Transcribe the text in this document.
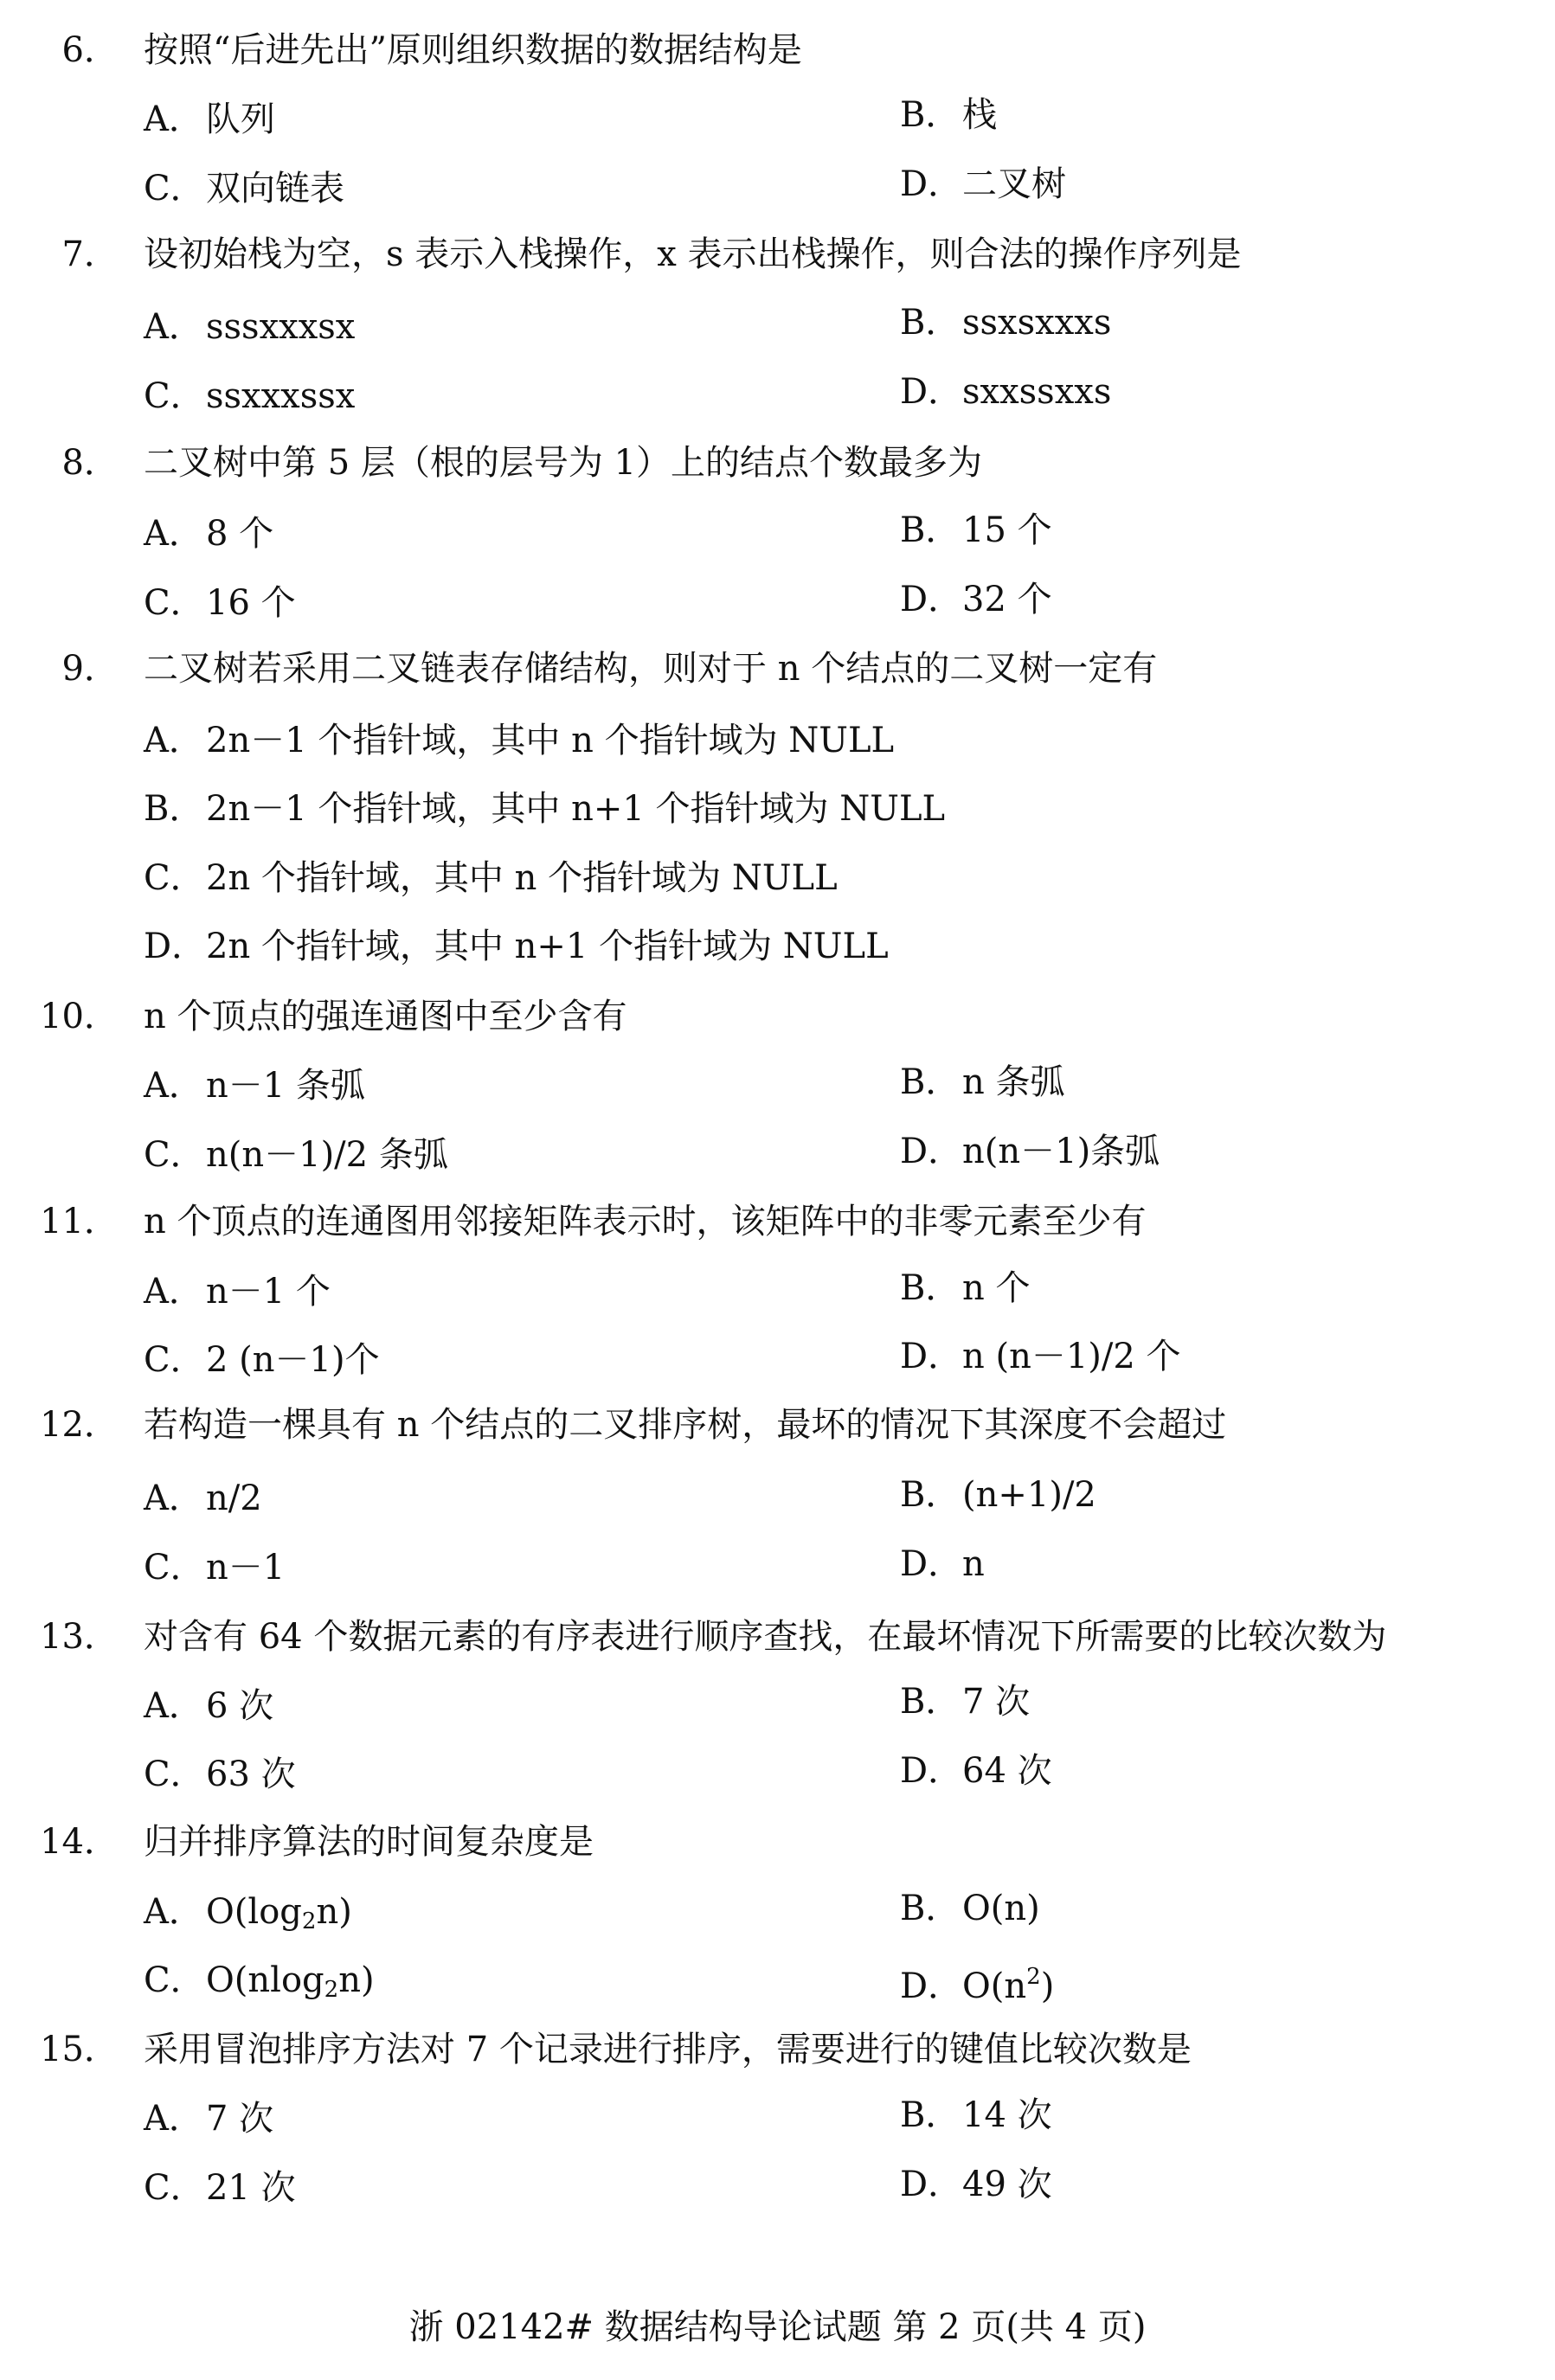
6． 按照“后进先出”原则组织数据的数据结构是
A．队列	B．栈
C．双向链表	D．二叉树
7． 设初始栈为空，s 表示入栈操作，x 表示出栈操作，则合法的操作序列是
A．sssxxxsx	B．ssxsxxxs
C．ssxxxssx	D．sxxssxxs
8． 二叉树中第 5 层（根的层号为 1）上的结点个数最多为
A．8 个	B．15 个
C．16 个	D．32 个
9． 二叉树若采用二叉链表存储结构，则对于 n 个结点的二叉树一定有
A．2n－1 个指针域，其中 n 个指针域为 NULL
B．2n－1 个指针域，其中 n+1 个指针域为 NULL
C．2n 个指针域，其中 n 个指针域为 NULL
D．2n 个指针域，其中 n+1 个指针域为 NULL
10． n 个顶点的强连通图中至少含有
A．n－1 条弧	B．n 条弧
C．n(n－1)/2 条弧	D．n(n－1)条弧
11． n 个顶点的连通图用邻接矩阵表示时，该矩阵中的非零元素至少有
A．n－1 个	B．n 个
C．2 (n－1)个	D．n (n－1)/2 个
12． 若构造一棵具有 n 个结点的二叉排序树，最坏的情况下其深度不会超过
A．n/2	B．(n+1)/2
C．n－1	D．n
13． 对含有 64 个数据元素的有序表进行顺序查找，在最坏情况下所需要的比较次数为
A．6 次	B．7 次
C．63 次	D．64 次
14． 归并排序算法的时间复杂度是
A．$O(\log_2n)$	B．O(n)
C．O(nlog$_2$n)	D．$O(n^2)$
15． 采用冒泡排序方法对 7 个记录进行排序，需要进行的键值比较次数是
A．7 次	B．14 次
C．21 次	D．49 次
浙 02142# 数据结构导论试题 第 2 页(共 4 页)
